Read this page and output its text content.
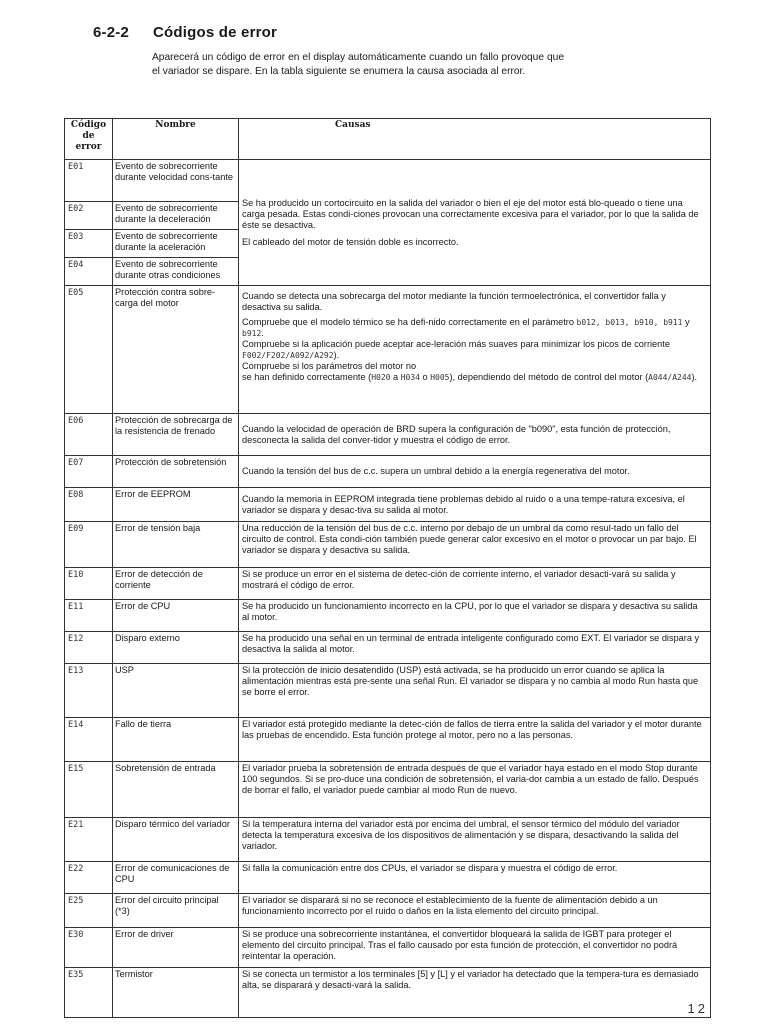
6-2-2 Códigos de error
Aparecerá un código de error en el display automáticamente cuando un fallo provoque que el variador se dispare. En la tabla siguiente se enumera la causa asociada al error.
Código de error	Nombre	Causas
E01	Evento de sobrecorriente durante velocidad cons-tante	Se ha producido un cortocircuito en la salida del variador o bien el eje del motor está blo-queado o tiene una carga pesada. Estas condi-ciones provocan una correctamente excesiva para el variador, por lo que la salida de éste se desactiva.
El cableado del motor de tensión doble es incorrecto.

E02	Evento de sobrecorriente durante la deceleración	
E03	Evento de sobrecorriente durante la aceleración	
E04	Evento de sobrecorriente durante otras condiciones	
E05	Protección contra sobre-carga del motor	Cuando se detecta una sobrecarga del motor mediante la función termoelectrónica, el convertidor falla y desactiva su salida.
Compruebe que el modelo térmico se ha defi-nido correctamente en el parámetro b012, b013, b910, b911 y b912.
Compruebe si la aplicación puede aceptar ace-leración más suaves para minimizar los picos de corriente F002/F202/A092/A292).
Compruebe si los parámetros del motor no
se han definido correctamente (H020 a H034 o H005), dependiendo del método de control del motor (A044/A244).

E06	Protección de sobrecarga de la resistencia de frenado	Cuando la velocidad de operación de BRD supera la configuración de "b090", esta función de protección, desconecta la salida del conver-tidor y muestra el código de error.
E07	Protección de sobretensión	Cuando la tensión del bus de c.c. supera un umbral debido a la energía regenerativa del motor.
E08	Error de EEPROM	Cuando la memoria in EEPROM integrada tiene problemas debido al ruido o a una tempe-ratura excesiva, el variador se dispara y desac-tiva su salida al motor.
E09	Error de tensión baja	Una reducción de la tensión del bus de c.c. interno por debajo de un umbral da como resul-tado un fallo del circuito de control. Esta condi-ción también puede generar calor excesivo en el motor o provocar un par bajo. El variador se dispara y desactiva su salida.
E10	Error de detección de corriente	Si se produce un error en el sistema de detec-ción de corriente interno, el variador desacti-vará su salida y mostrará el código de error.
E11	Error de CPU	Se ha producido un funcionamiento incorrecto en la CPU, por lo que el variador se dispara y desactiva su salida al motor.
E12	Disparo externo	Se ha producido una señal en un terminal de entrada inteligente configurado como EXT. El variador se dispara y desactiva la salida al motor.
E13	USP	Si la protección de inicio desatendido (USP) está activada, se ha producido un error cuando se aplica la alimentación mientras está pre-sente una señal Run. El variador se dispara y no cambia al modo Run hasta que se borre el error.
E14	Fallo de tierra	El variador está protegido mediante la detec-ción de fallos de tierra entre la salida del variador y el motor durante las pruebas de encendido. Esta función protege al motor, pero no a las personas.
E15	Sobretensión de entrada	El variador prueba la sobretensión de entrada después de que el variador haya estado en el modo Stop durante 100 segundos. Si se pro-duce una condición de sobretensión, el varia-dor cambia a un estado de fallo. Después de borrar el fallo, el variador puede cambiar al modo Run de nuevo.
E21	Disparo térmico del variador	Si la temperatura interna del variador está por encima del umbral, el sensor térmico del módulo del variador detecta la temperatura excesiva de los dispositivos de alimentación y se dispara, desactivando la salida del variador.
E22	Error de comunicaciones de CPU	Si falla la comunicación entre dos CPUs, el variador se dispara y muestra el código de error.
E25	Error del circuito principal (*3)	El variador se disparará si no se reconoce el establecimiento de la fuente de alimentación debido a un funcionamiento incorrecto por el ruido o daños en la lista elemento del circuito principal.
E30	Error de driver	Si se produce una sobrecorriente instantánea, el convertidor bloqueará la salida de IGBT para proteger el elemento del circuito principal. Tras el fallo causado por esta función de protección, el convertidor no podrá reintentar la operación.
E35	Termistor	Si se conecta un termistor a los terminales [5] y [L] y el variador ha detectado que la tempera-tura es demasiado alta, se disparará y desacti-vará la salida.
12
